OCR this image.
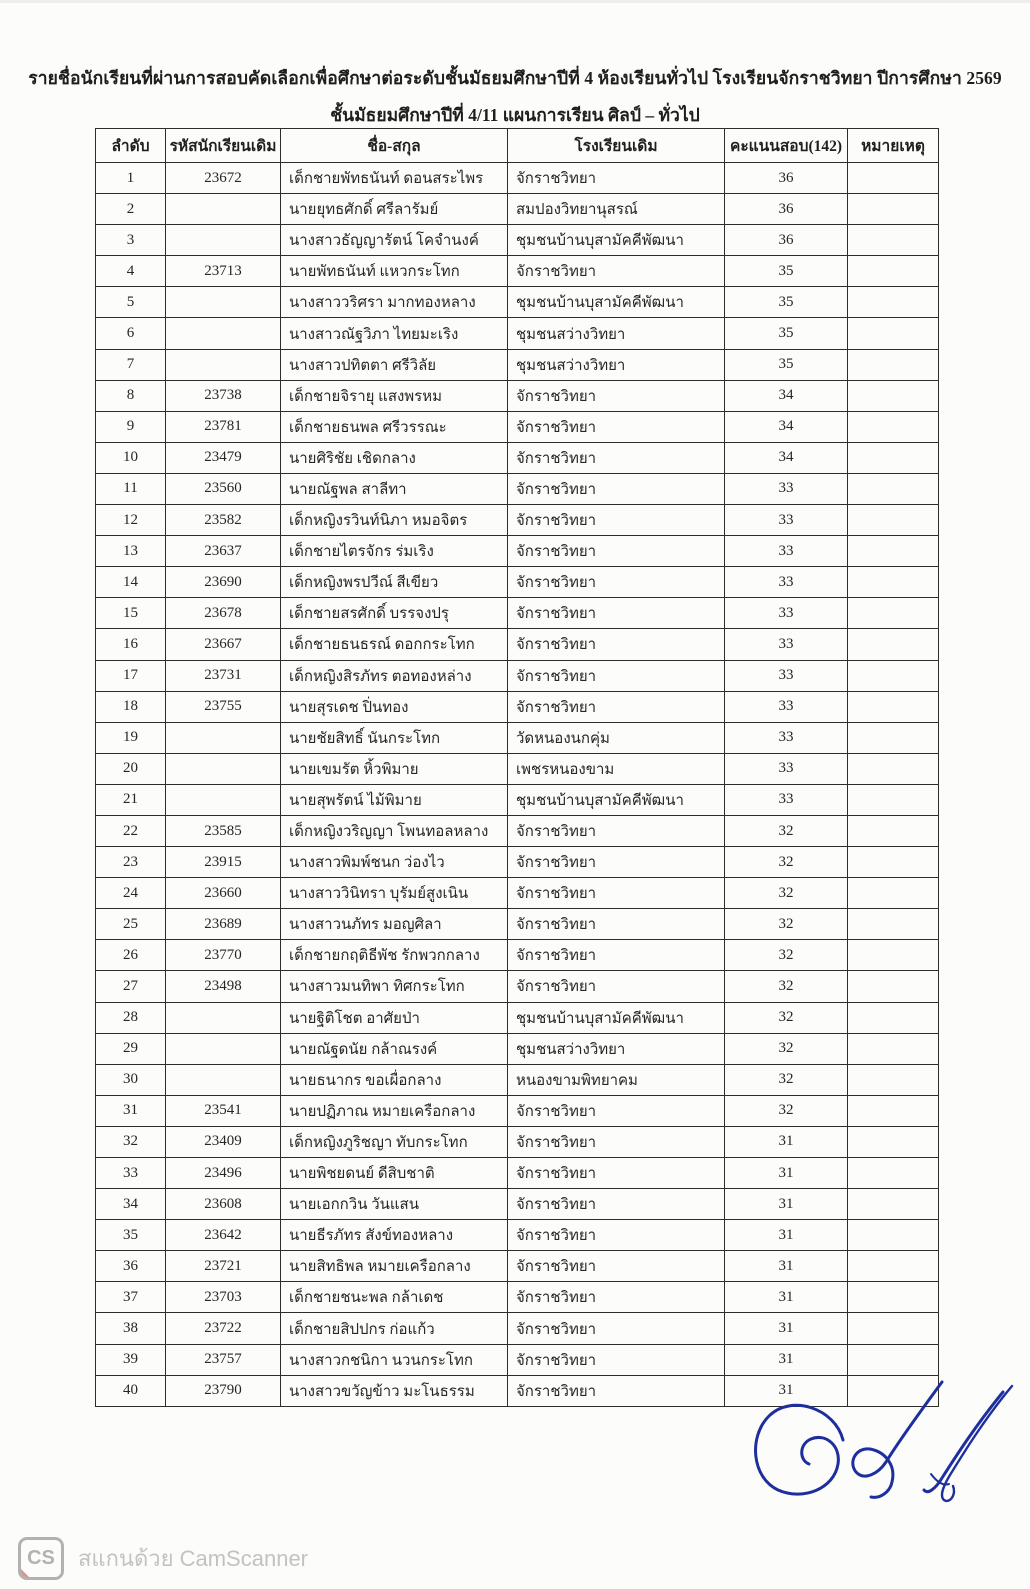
รายชื่อนักเรียนที่ผ่านการสอบคัดเลือกเพื่อศึกษาต่อระดับชั้นมัธยมศึกษาปีที่ 4 ห้องเรียนทั่วไป โรงเรียนจักราชวิทยา ปีการศึกษา 2569
ชั้นมัธยมศึกษาปีที่ 4/11 แผนการเรียน ศิลป์ – ทั่วไป
ลำดับ	รหัสนักเรียนเดิม	ชื่อ-สกุล	โรงเรียนเดิม	คะแนนสอบ(142)	หมายเหตุ
1	23672	เด็กชายพัทธนันท์ ดอนสระไพร	จักราชวิทยา	36	
2		นายยุทธศักดิ์ ศรีลารัมย์	สมปองวิทยานุสรณ์	36	
3		นางสาวธัญญารัตน์ โคจำนงค์	ชุมชนบ้านบุสามัคคีพัฒนา	36	
4	23713	นายพัทธนันท์ แหวกระโทก	จักราชวิทยา	35	
5		นางสาววริศรา มากทองหลาง	ชุมชนบ้านบุสามัคคีพัฒนา	35	
6		นางสาวณัฐวิภา ไทยมะเริง	ชุมชนสว่างวิทยา	35	
7		นางสาวปทิตตา ศรีวิลัย	ชุมชนสว่างวิทยา	35	
8	23738	เด็กชายจิรายุ แสงพรหม	จักราชวิทยา	34	
9	23781	เด็กชายธนพล ศรีวรรณะ	จักราชวิทยา	34	
10	23479	นายศิริชัย เชิดกลาง	จักราชวิทยา	34	
11	23560	นายณัฐพล สาลีทา	จักราชวิทยา	33	
12	23582	เด็กหญิงรวินท์นิภา หมอจิตร	จักราชวิทยา	33	
13	23637	เด็กชายไตรจักร ร่มเริง	จักราชวิทยา	33	
14	23690	เด็กหญิงพรปวีณ์ สีเขียว	จักราชวิทยา	33	
15	23678	เด็กชายสรศักดิ์ บรรจงปรุ	จักราชวิทยา	33	
16	23667	เด็กชายธนธรณ์ ดอกกระโทก	จักราชวิทยา	33	
17	23731	เด็กหญิงสิรภัทร ตอทองหล่าง	จักราชวิทยา	33	
18	23755	นายสุรเดช ปิ่นทอง	จักราชวิทยา	33	
19		นายชัยสิทธิ์ นันกระโทก	วัดหนองนกคุ่ม	33	
20		นายเขมรัต หิ้วพิมาย	เพชรหนองขาม	33	
21		นายสุพรัตน์ ไม้พิมาย	ชุมชนบ้านบุสามัคคีพัฒนา	33	
22	23585	เด็กหญิงวริญญา โพนทอลหลาง	จักราชวิทยา	32	
23	23915	นางสาวพิมพ์ชนก ว่องไว	จักราชวิทยา	32	
24	23660	นางสาววินิทรา บุรัมย์สูงเนิน	จักราชวิทยา	32	
25	23689	นางสาวนภัทร มอญศิลา	จักราชวิทยา	32	
26	23770	เด็กชายกฤติธีพัช รักพวกกลาง	จักราชวิทยา	32	
27	23498	นางสาวมนทิพา ทิศกระโทก	จักราชวิทยา	32	
28		นายฐิติโชต อาศัยป่า	ชุมชนบ้านบุสามัคคีพัฒนา	32	
29		นายณัฐดนัย กล้าณรงค์	ชุมชนสว่างวิทยา	32	
30		นายธนากร ขอเผื่อกลาง	หนองขามพิทยาคม	32	
31	23541	นายปฏิภาณ หมายเครือกลาง	จักราชวิทยา	32	
32	23409	เด็กหญิงภูริชญา ทับกระโทก	จักราชวิทยา	31	
33	23496	นายพิชยดนย์ ดีสิบชาติ	จักราชวิทยา	31	
34	23608	นายเอกกวิน วันแสน	จักราชวิทยา	31	
35	23642	นายธีรภัทร สังข์ทองหลาง	จักราชวิทยา	31	
36	23721	นายสิทธิพล หมายเครือกลาง	จักราชวิทยา	31	
37	23703	เด็กชายชนะพล กล้าเดช	จักราชวิทยา	31	
38	23722	เด็กชายสิปปกร ก่อแก้ว	จักราชวิทยา	31	
39	23757	นางสาวกชนิกา นวนกระโทก	จักราชวิทยา	31	
40	23790	นางสาวขวัญข้าว มะโนธรรม	จักราชวิทยา	31	
CS สแกนด้วย CamScanner
